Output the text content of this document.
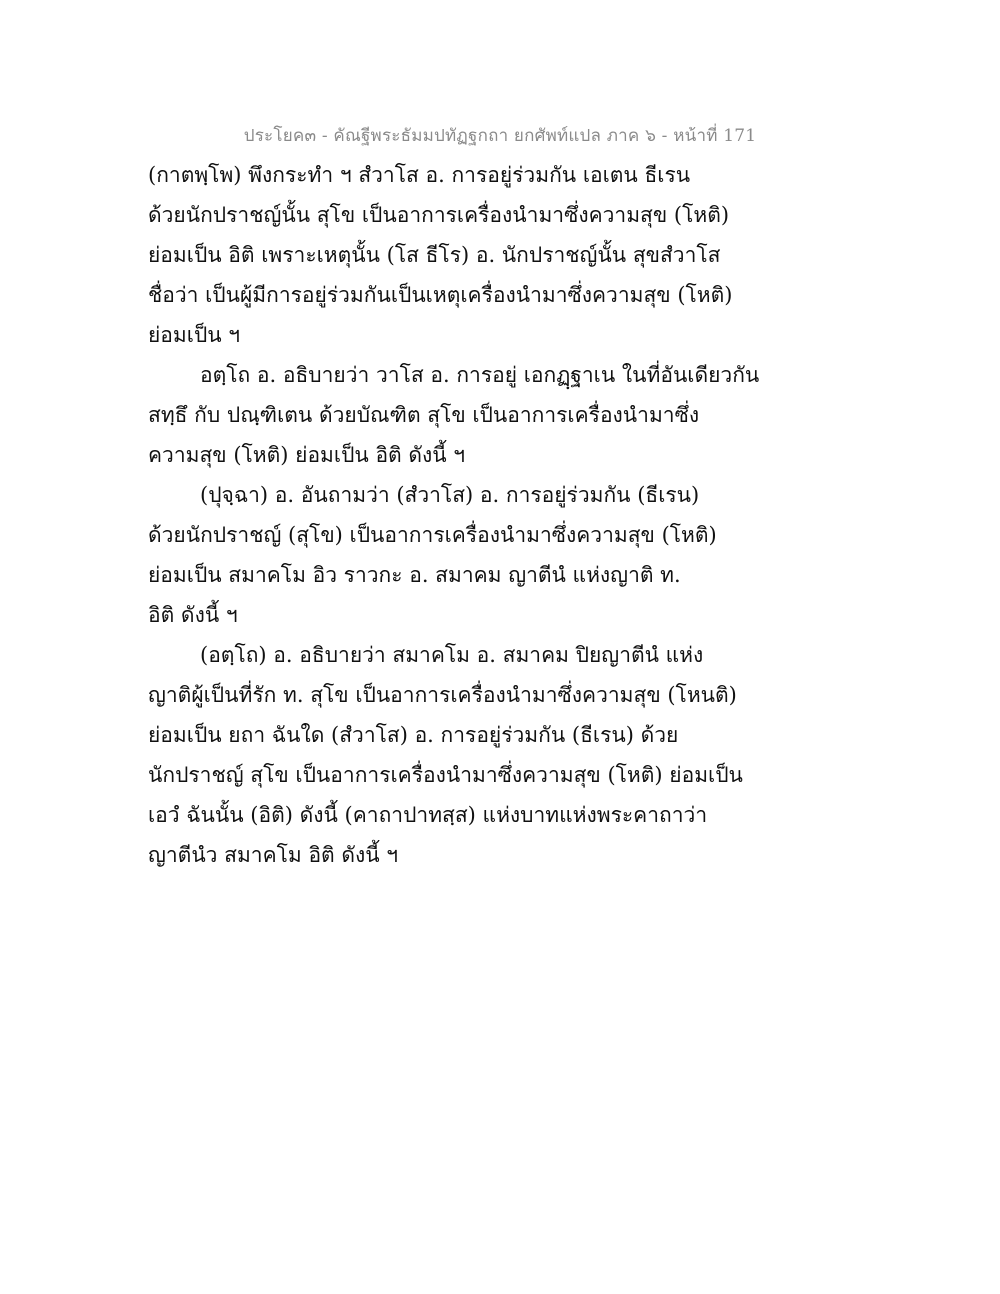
ประโยค๓ - คัณฐีพระธัมมปทัฏฐกถา ยกศัพท์แปล ภาค ๖ - หน้าที่ 171
(กาตพฺโพ) พึงกระทำ ฯ สํวาโส อ. การอยู่ร่วมกัน เอเตน ธีเรน
ด้วยนักปราชญ์นั้น สุโข เป็นอาการเครื่องนำมาซึ่งความสุข (โหติ)
ย่อมเป็น อิติ เพราะเหตุนั้น (โส ธีโร) อ. นักปราชญ์นั้น สุขสํวาโส
ชื่อว่า เป็นผู้มีการอยู่ร่วมกันเป็นเหตุเครื่องนำมาซึ่งความสุข (โหติ)
ย่อมเป็น ฯ
อตฺโถ อ. อธิบายว่า วาโส อ. การอยู่ เอกฏฺฐาเน ในที่อันเดียวกัน
สทฺธึ กับ ปณฺฑิเตน ด้วยบัณฑิต สุโข เป็นอาการเครื่องนำมาซึ่ง
ความสุข (โหติ) ย่อมเป็น อิติ ดังนี้ ฯ
(ปุจฺฉา) อ. อันถามว่า (สํวาโส) อ. การอยู่ร่วมกัน (ธีเรน)
ด้วยนักปราชญ์ (สุโข) เป็นอาการเครื่องนำมาซึ่งความสุข (โหติ)
ย่อมเป็น สมาคโม อิว ราวกะ อ. สมาคม ญาตีนํ แห่งญาติ ท.
อิติ ดังนี้ ฯ
(อตฺโถ) อ. อธิบายว่า สมาคโม อ. สมาคม ปิยญาตีนํ แห่ง
ญาติผู้เป็นที่รัก ท. สุโข เป็นอาการเครื่องนำมาซึ่งความสุข (โหนติ)
ย่อมเป็น ยถา ฉันใด (สํวาโส) อ. การอยู่ร่วมกัน (ธีเรน) ด้วย
นักปราชญ์ สุโข เป็นอาการเครื่องนำมาซึ่งความสุข (โหติ) ย่อมเป็น
เอวํ ฉันนั้น (อิติ) ดังนี้ (คาถาปาทสฺส) แห่งบาทแห่งพระคาถาว่า
ญาตีนํว สมาคโม อิติ ดังนี้ ฯ
